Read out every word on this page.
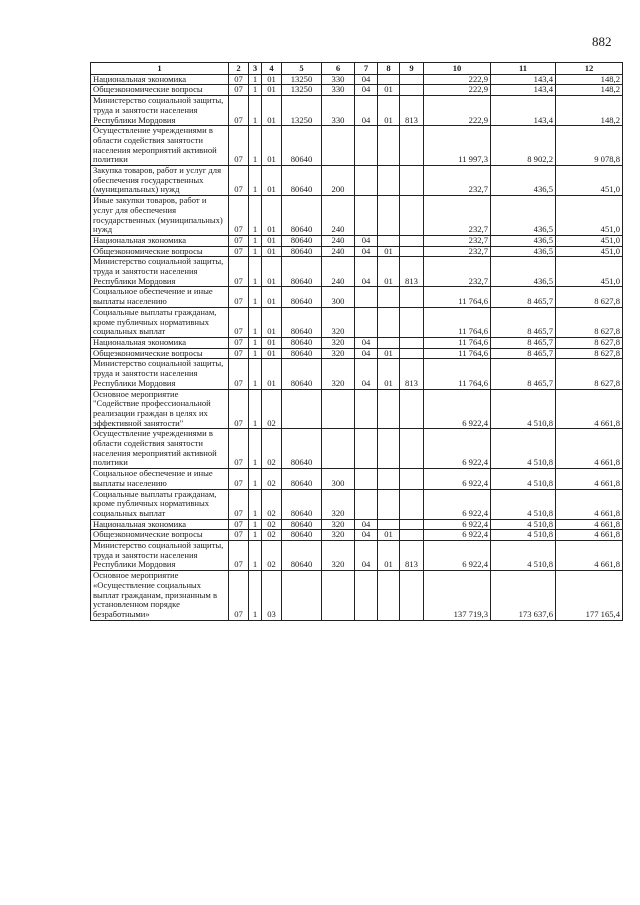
882
1	2	3	4	5	6	7	8	9	10	11	12
Национальная экономика	07	1	01	13250	330	04			222,9	143,4	148,2
Общеэкономические вопросы	07	1	01	13250	330	04	01		222,9	143,4	148,2
Министерство социальной защиты, труда и занятости населения Республики Мордовия	07	1	01	13250	330	04	01	813	222,9	143,4	148,2
Осуществление учреждениями в области содействия занятости населения мероприятий активной политики	07	1	01	80640					11 997,3	8 902,2	9 078,8
Закупка товаров, работ и услуг для обеспечения государственных (муниципальных) нужд	07	1	01	80640	200				232,7	436,5	451,0
Иные закупки товаров, работ и услуг для обеспечения государственных (муниципальных) нужд	07	1	01	80640	240				232,7	436,5	451,0
Национальная экономика	07	1	01	80640	240	04			232,7	436,5	451,0
Общеэкономические вопросы	07	1	01	80640	240	04	01		232,7	436,5	451,0
Министерство социальной защиты, труда и занятости населения Республики Мордовия	07	1	01	80640	240	04	01	813	232,7	436,5	451,0
Социальное обеспечение и иные выплаты населению	07	1	01	80640	300				11 764,6	8 465,7	8 627,8
Социальные выплаты гражданам, кроме публичных нормативных социальных выплат	07	1	01	80640	320				11 764,6	8 465,7	8 627,8
Национальная экономика	07	1	01	80640	320	04			11 764,6	8 465,7	8 627,8
Общеэкономические вопросы	07	1	01	80640	320	04	01		11 764,6	8 465,7	8 627,8
Министерство социальной защиты, труда и занятости населения Республики Мордовия	07	1	01	80640	320	04	01	813	11 764,6	8 465,7	8 627,8
Основное мероприятие "Содействие профессиональной реализации граждан в целях их эффективной занятости"	07	1	02						6 922,4	4 510,8	4 661,8
Осуществление учреждениями в области содействия занятости населения мероприятий активной политики	07	1	02	80640					6 922,4	4 510,8	4 661,8
Социальное обеспечение и иные выплаты населению	07	1	02	80640	300				6 922,4	4 510,8	4 661,8
Социальные выплаты гражданам, кроме публичных нормативных социальных выплат	07	1	02	80640	320				6 922,4	4 510,8	4 661,8
Национальная экономика	07	1	02	80640	320	04			6 922,4	4 510,8	4 661,8
Общеэкономические вопросы	07	1	02	80640	320	04	01		6 922,4	4 510,8	4 661,8
Министерство социальной защиты, труда и занятости населения Республики Мордовия	07	1	02	80640	320	04	01	813	6 922,4	4 510,8	4 661,8
Основное мероприятие «Осуществление социальных выплат гражданам, признанным в установленном порядке безработными»	07	1	03						137 719,3	173 637,6	177 165,4
